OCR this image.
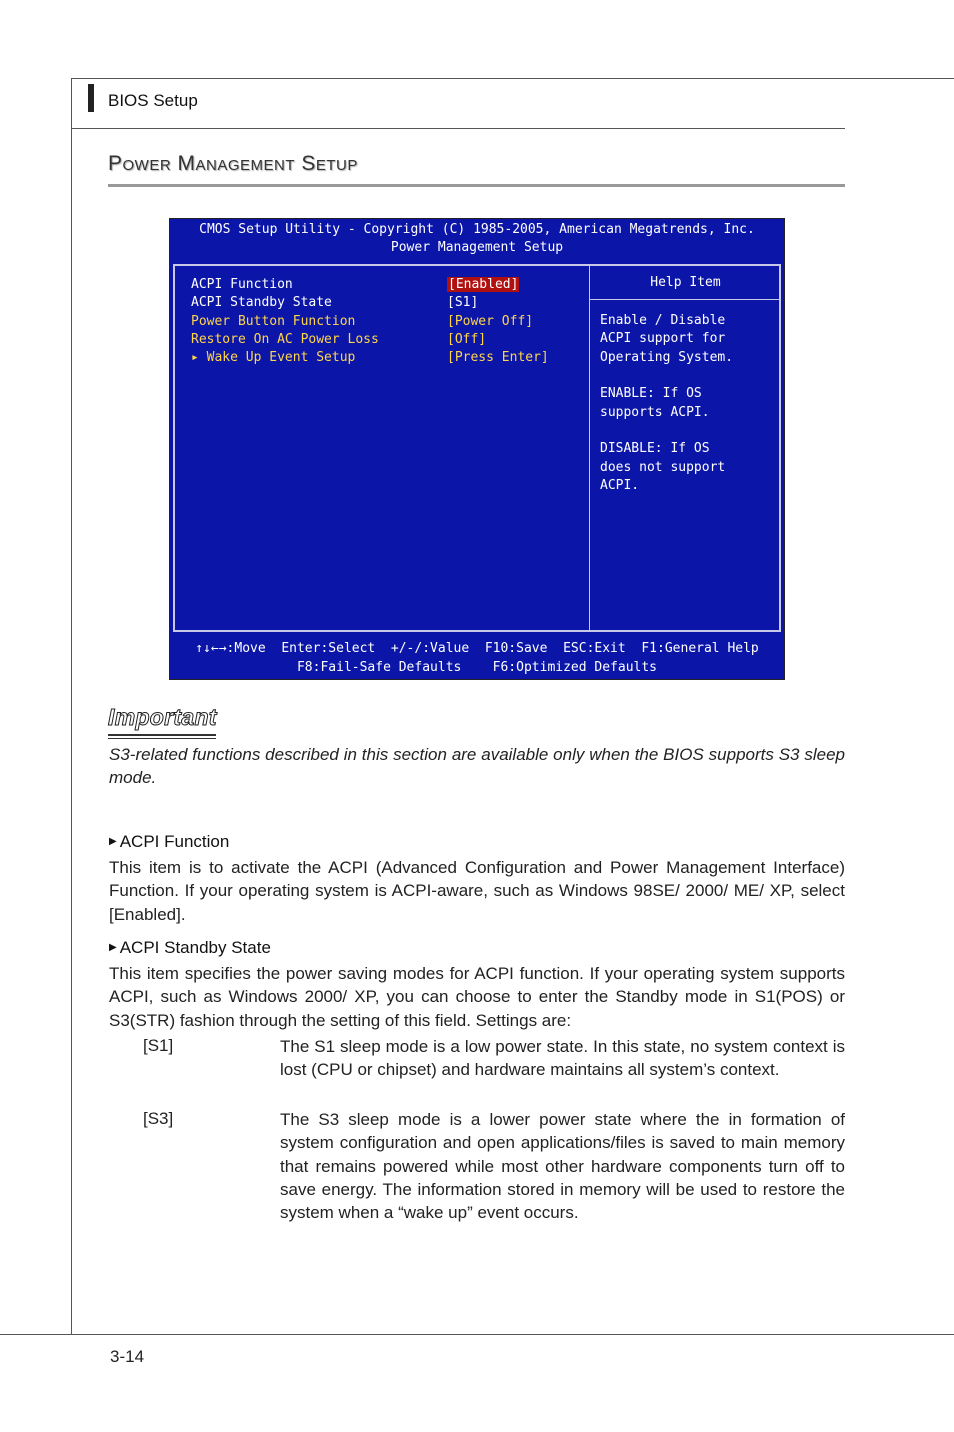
BIOS Setup
Power Management Setup
CMOS Setup Utility - Copyright (C) 1985-2005, American Megatrends, Inc.
Power Management Setup
ACPI Function	[Enabled]
ACPI Standby State	[S1]
Power Button Function	[Power Off]
Restore On AC Power Loss	[Off]
▸ Wake Up Event Setup	[Press Enter]
Help Item
Enable / Disable
ACPI support for
Operating System.
ENABLE: If OS
supports ACPI.
DISABLE: If OS
does not support
ACPI.
↑↓←→:Move  Enter:Select  +/-/:Value  F10:Save  ESC:Exit  F1:General Help
F8:Fail-Safe Defaults    F6:Optimized Defaults
Important
S3-related functions described in this section are available only when the BIOS supports S3 sleep mode.
▶ ACPI Function
This item is to activate the ACPI (Advanced Configuration and Power Management Interface) Function. If your operating system is ACPI-aware, such as Windows 98SE/ 2000/ ME/ XP, select [Enabled].
▶ ACPI Standby State
This item specifies the power saving modes for ACPI function. If your operating system supports ACPI, such as Windows 2000/ XP, you can choose to enter the Standby mode in S1(POS) or S3(STR) fashion through the setting of this field. Settings are:
[S1]	The S1 sleep mode is a low power state. In this state, no system context is lost (CPU or chipset) and hardware maintains all system’s context.
[S3]	The S3 sleep mode is a lower power state where the in formation of system configuration and open applications/files is saved to main memory that remains powered while most other hardware components turn off to save energy. The information stored in memory will be used to restore the system when a “wake up” event occurs.
3-14
